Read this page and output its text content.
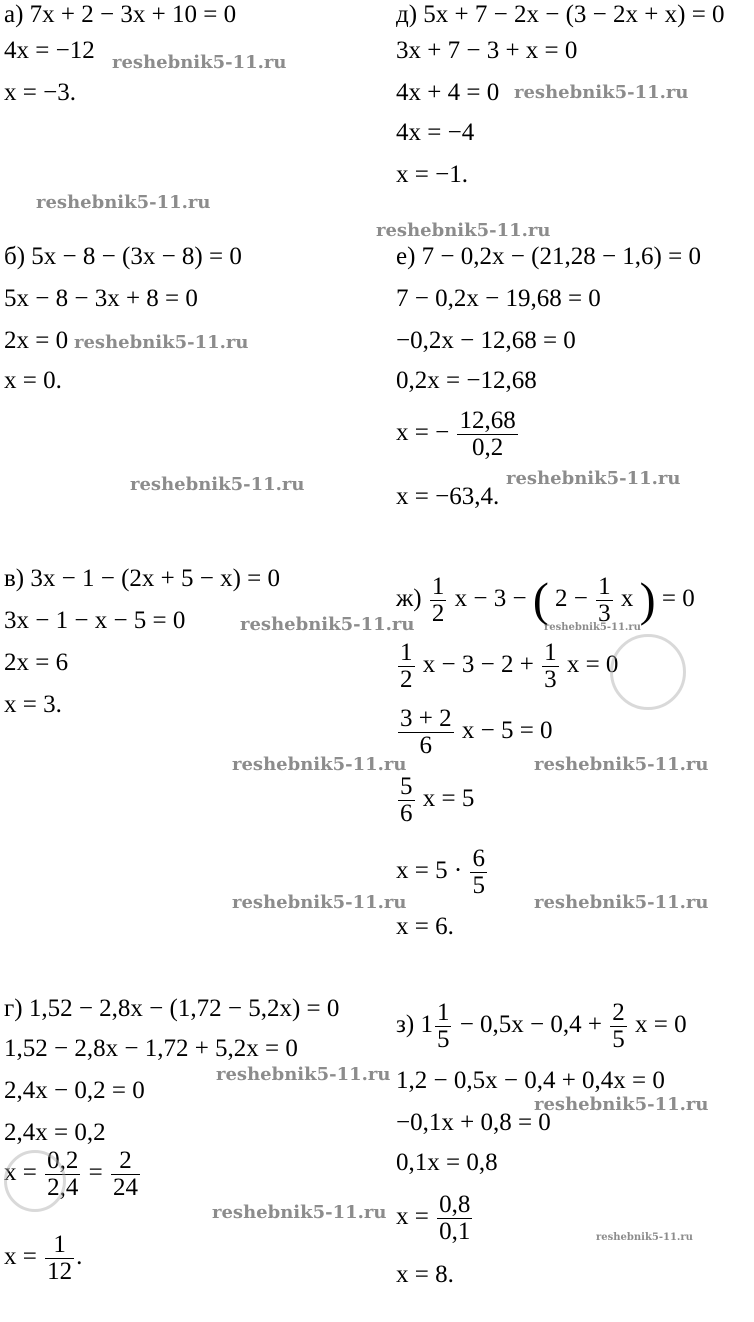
а) 7x + 2 − 3x + 10 = 0
4x = −12
x = −3.
б) 5x − 8 − (3x − 8) = 0
5x − 8 − 3x + 8 = 0
2x = 0
x = 0.
в) 3x − 1 − (2x + 5 − x) = 0
3x − 1 − x − 5 = 0
2x = 6
x = 3.
г) 1,52 − 2,8x − (1,72 − 5,2x) = 0
1,52 − 2,8x − 1,72 + 5,2x = 0
2,4x − 0,2 = 0
2,4x = 0,2
$x = \frac{0,2}{2,4} = \frac{2}{24}$
$x = \frac{1}{12}$ .
д) 5x + 7 − 2x − (3 − 2x + x) = 0
3x + 7 − 3 + x = 0
4x + 4 = 0
4x = −4
x = −1.
е) 7 − 0,2x − (21,28 − 1,6) = 0
7 − 0,2x − 19,68 = 0
−0,2x − 12,68 = 0
0,2x = −12,68
x = − $\frac{12,68}{0,2}$
x = −63,4.
$ж) \frac{1}{2}$ x − 3 − ( $2 - \frac{1}{3}$ x ) = 0
$\frac{1}{2}$ $x - 3 - 2 + \frac{1}{3}$ x = 0
$\frac{3 + 2}{6}$ x − 5 = 0
$\frac{5}{6}$ x = 5
$x = 5 \cdot \frac{6}{5}$
x = 6.
з) $1 \frac{1}{5} - 0,5x - 0,4 + \frac{2}{5}$ x = 0
1,2 − 0,5x − 0,4 + 0,4x = 0
−0,1x + 0,8 = 0
0,1x = 0,8
$x = \frac{0,8}{0,1}$
x = 8.
reshebnik5-11.ru
reshebnik5-11.ru
reshebnik5-11.ru
reshebnik5-11.ru
reshebnik5-11.ru
reshebnik5-11.ru	reshebnik5-11.ru
reshebnik5-11.ru	reshebnik5-11.ru
reshebnik5-11.ru	reshebnik5-11.ru
reshebnik5-11.ru	reshebnik5-11.ru
reshebnik5-11.ru
reshebnik5-11.ru
reshebnik5-11.ru
reshebnik5-11.ru
